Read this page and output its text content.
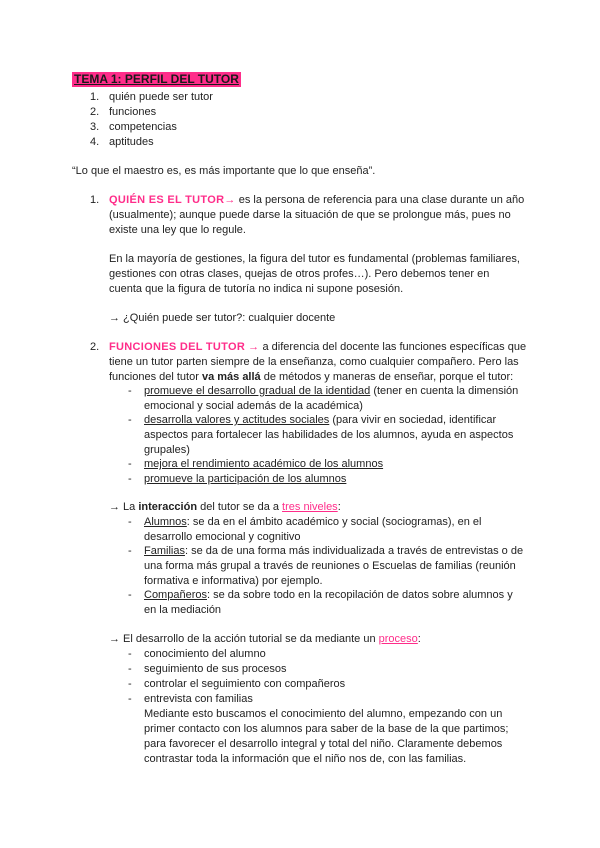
TEMA 1: PERFIL DEL TUTOR
1. quién puede ser tutor
2. funciones
3. competencias
4. aptitudes
“Lo que el maestro es, es más importante que lo que enseña”.
1. QUIÉN ES EL TUTOR→ es la persona de referencia para una clase durante un año
(usualmente); aunque puede darse la situación de que se prolongue más, pues no
existe una ley que lo regule.
En la mayoría de gestiones, la figura del tutor es fundamental (problemas familiares,
gestiones con otras clases, quejas de otros profes…). Pero debemos tener en
cuenta que la figura de tutoría no indica ni supone posesión.
→ ¿Quién puede ser tutor?: cualquier docente
2. FUNCIONES DEL TUTOR → a diferencia del docente las funciones específicas que
tiene un tutor parten siempre de la enseñanza, como cualquier compañero. Pero las
funciones del tutor va más allá de métodos y maneras de enseñar, porque el tutor:
- promueve el desarrollo gradual de la identidad (tener en cuenta la dimensión
emocional y social además de la académica)
- desarrolla valores y actitudes sociales (para vivir en sociedad, identificar
aspectos para fortalecer las habilidades de los alumnos, ayuda en aspectos
grupales)
- mejora el rendimiento académico de los alumnos
- promueve la participación de los alumnos
→ La interacción del tutor se da a tres niveles:
- Alumnos: se da en el ámbito académico y social (sociogramas), en el
desarrollo emocional y cognitivo
- Familias: se da de una forma más individualizada a través de entrevistas o de
una forma más grupal a través de reuniones o Escuelas de familias (reunión
formativa e informativa) por ejemplo.
- Compañeros: se da sobre todo en la recopilación de datos sobre alumnos y
en la mediación
→ El desarrollo de la acción tutorial se da mediante un proceso:
- conocimiento del alumno
- seguimiento de sus procesos
- controlar el seguimiento con compañeros
- entrevista con familias
Mediante esto buscamos el conocimiento del alumno, empezando con un
primer contacto con los alumnos para saber de la base de la que partimos;
para favorecer el desarrollo integral y total del niño. Claramente debemos
contrastar toda la información que el niño nos de, con las familias.
